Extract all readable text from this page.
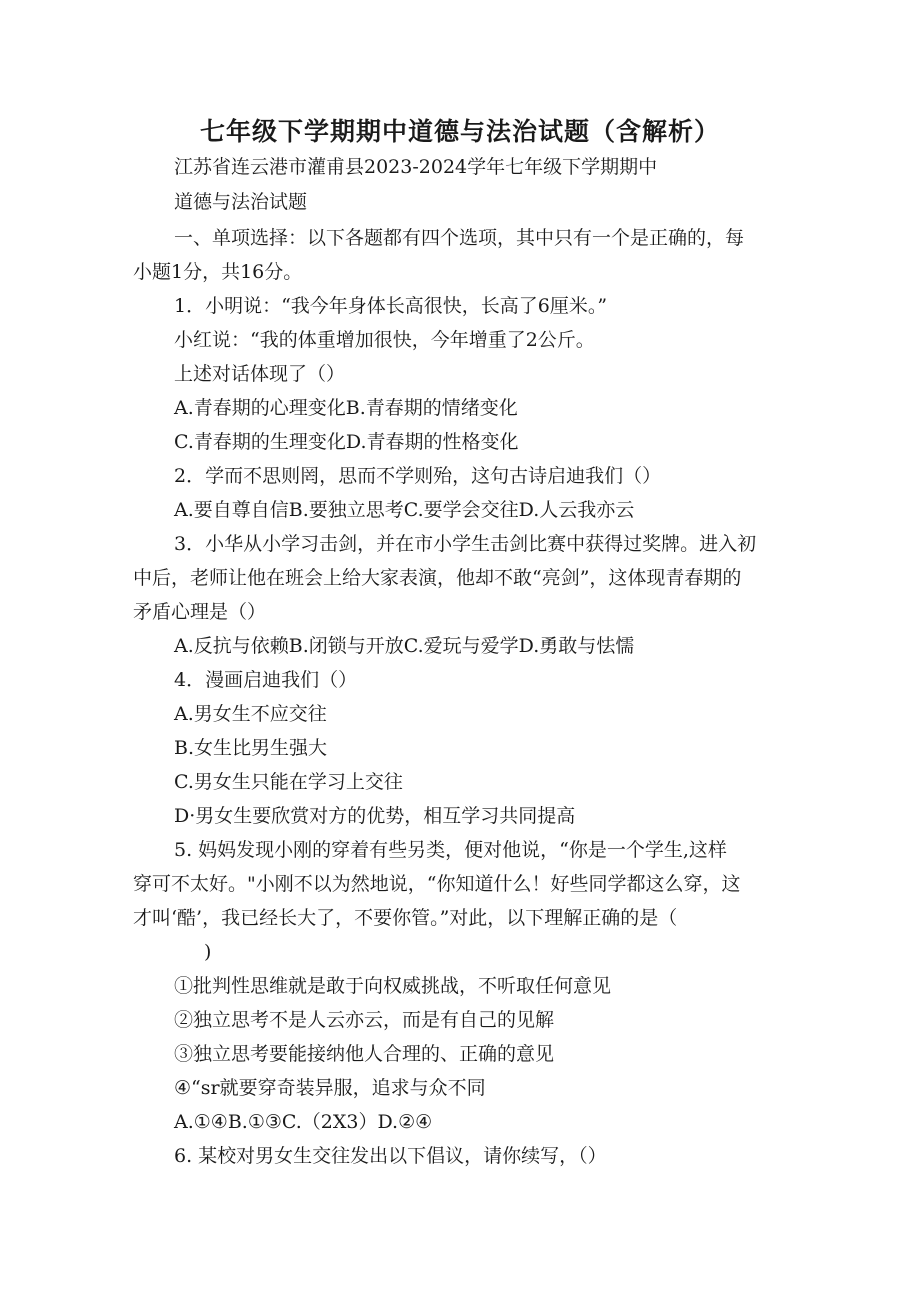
七年级下学期期中道德与法治试题（含解析）
江苏省连云港市灌甫县2023-2024学年七年级下学期期中
道德与法治试题
一、单项选择：以下各题都有四个选项，其中只有一个是正确的，每
小题1分，共16分。
1．小明说：“我今年身体长高很快，长高了6厘米。”
小红说：“我的体重增加很快，今年增重了2公斤。
上述对话体现了（）
A.青春期的心理变化B.青春期的情绪变化
C.青春期的生理变化D.青春期的性格变化
2．学而不思则罔，思而不学则殆，这句古诗启迪我们（）
A.要自尊自信B.要独立思考C.要学会交往D.人云我亦云
3．小华从小学习击剑，并在市小学生击剑比赛中获得过奖牌。进入初
中后，老师让他在班会上给大家表演，他却不敢“亮剑”，这体现青春期的
矛盾心理是（）
A.反抗与依赖B.闭锁与开放C.爱玩与爱学D.勇敢与怯懦
4．漫画启迪我们（）
A.男女生不应交往
B.女生比男生强大
C.男女生只能在学习上交往
D·男女生要欣赏对方的优势，相互学习共同提高
5. 妈妈发现小刚的穿着有些另类，便对他说，“你是一个学生,这样
穿可不太好。"小刚不以为然地说，“你知道什么！好些同学都这么穿，这
才叫‘酷’，我已经长大了，不要你管。”对此，以下理解正确的是（
)
①批判性思维就是敢于向权威挑战，不听取任何意见
②独立思考不是人云亦云，而是有自己的见解
③独立思考要能接纳他人合理的、正确的意见
④“sr就要穿奇装异服，追求与众不同
A.①④B.①③C.（2X3）D.②④
6. 某校对男女生交往发出以下倡议，请你续写，（）
